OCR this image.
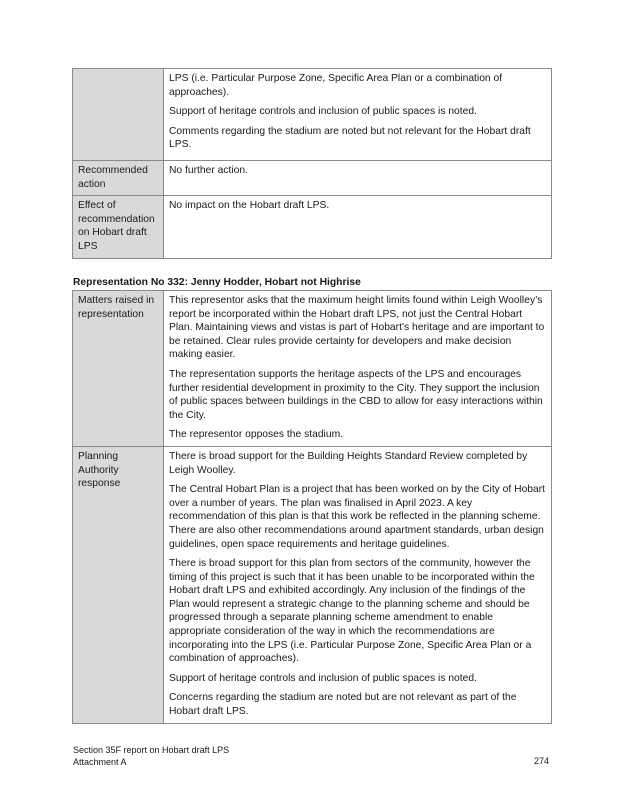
	LPS (i.e. Particular Purpose Zone, Specific Area Plan or a combination of approaches).

Support of heritage controls and inclusion of public spaces is noted.

Comments regarding the stadium are noted but not relevant for the Hobart draft LPS.

Recommended action	No further action.

Effect of recommendation on Hobart draft LPS	No impact on the Hobart draft LPS.

Representation No 332: Jenny Hodder, Hobart not Highrise
Matters raised in representation	This representor asks that the maximum height limits found within Leigh Woolley’s report be incorporated within the Hobart draft LPS, not just the Central Hobart Plan. Maintaining views and vistas is part of Hobart’s heritage and are important to be retained. Clear rules provide certainty for developers and make decision making easier.

The representation supports the heritage aspects of the LPS and encourages further residential development in proximity to the City. They support the inclusion of public spaces between buildings in the CBD to allow for easy interactions within the City.

The representor opposes the stadium.

Planning Authority response	There is broad support for the Building Heights Standard Review completed by Leigh Woolley.

The Central Hobart Plan is a project that has been worked on by the City of Hobart over a number of years. The plan was finalised in April 2023. A key recommendation of this plan is that this work be reflected in the planning scheme. There are also other recommendations around apartment standards, urban design guidelines, open space requirements and heritage guidelines.

There is broad support for this plan from sectors of the community, however the timing of this project is such that it has been unable to be incorporated within the Hobart draft LPS and exhibited accordingly. Any inclusion of the findings of the Plan would represent a strategic change to the planning scheme and should be progressed through a separate planning scheme amendment to enable appropriate consideration of the way in which the recommendations are incorporating into the LPS (i.e. Particular Purpose Zone, Specific Area Plan or a combination of approaches).

Support of heritage controls and inclusion of public spaces is noted.

Concerns regarding the stadium are noted but are not relevant as part of the Hobart draft LPS.

Section 35F report on Hobart draft LPS
Attachment A	274
